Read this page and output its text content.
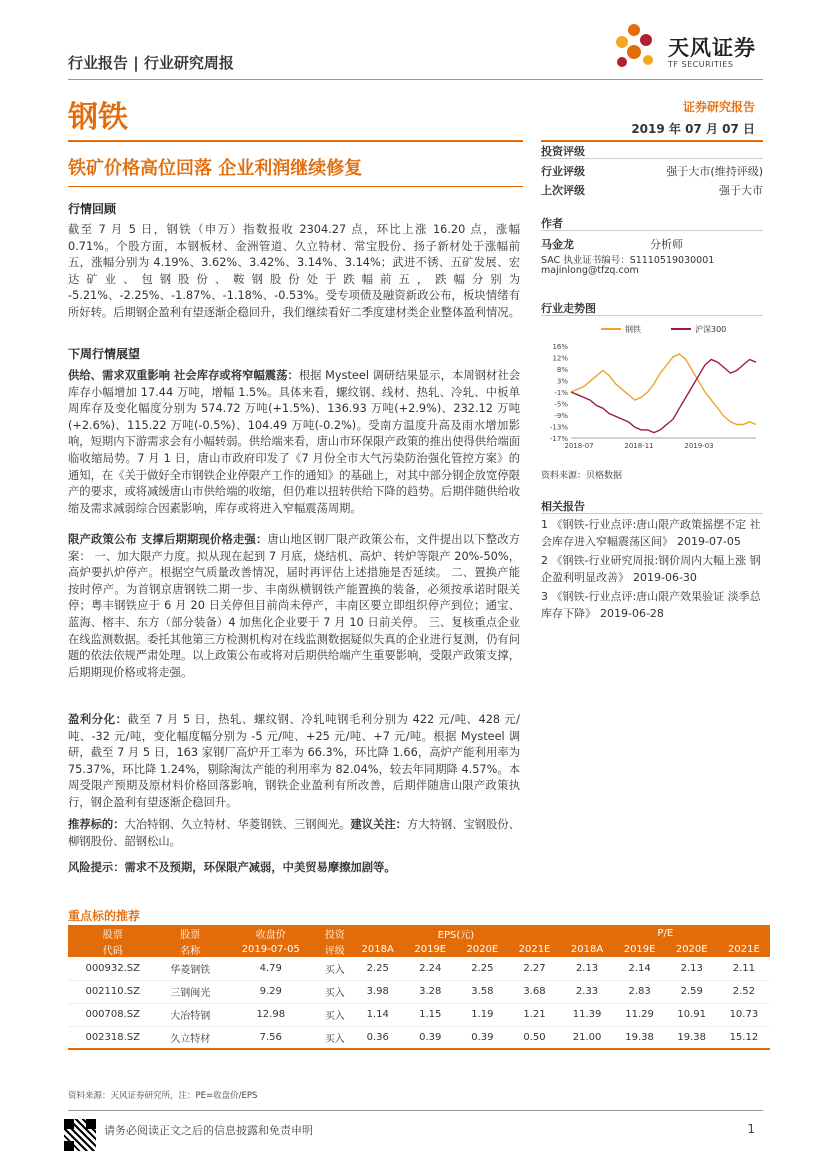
行业报告 | 行业研究周报
天风证券
TF SECURITIES
钢铁	证券研究报告
2019 年 07 月 07 日
铁矿价格高位回落 企业利润继续修复
行情回顾
截至 7 月 5 日，钢铁（申万）指数报收 2304.27 点，环比上涨 16.20 点，涨幅 0.71%。个股方面，本钢板材、金洲管道、久立特材、常宝股份、扬子新材处于涨幅前五，涨幅分别为 4.19%、3.62%、3.42%、3.14%、3.14%；武进不锈、五矿发展、宏达矿业、包钢股份、鞍钢股份处于跌幅前五，跌幅分别为 -5.21%、-2.25%、-1.87%、-1.18%、-0.53%。受专项债及融资新政公布，板块情绪有所好转。后期钢企盈利有望逐渐企稳回升，我们继续看好二季度建材类企业整体盈利情况。
下周行情展望
供给、需求双重影响 社会库存或将窄幅震荡：根据 Mysteel 调研结果显示，本周钢材社会库存小幅增加 17.44 万吨，增幅 1.5%。具体来看，螺纹钢、线材、热轧、冷轧、中板单周库存及变化幅度分别为 574.72 万吨(+1.5%)、136.93 万吨(+2.9%)、232.12 万吨(+2.6%)、115.22 万吨(-0.5%)、104.49 万吨(-0.2%)。受南方温度升高及雨水增加影响，短期内下游需求会有小幅转弱。供给端来看，唐山市环保限产政策的推出使得供给端面临收缩局势。7 月 1 日，唐山市政府印发了《7 月份全市大气污染防治强化管控方案》的通知，在《关于做好全市钢铁企业停限产工作的通知》的基础上，对其中部分钢企放宽停限产的要求，或将减缓唐山市供给端的收缩，但仍难以扭转供给下降的趋势。后期伴随供给收缩及需求减弱综合因素影响，库存或将进入窄幅震荡周期。
限产政策公布 支撑后期期现价格走强：唐山地区钢厂限产政策公布，文件提出以下整改方案： 一、加大限产力度。拟从现在起到 7 月底，烧结机、高炉、转炉等限产 20%-50%，高炉要扒炉停产。根据空气质量改善情况，届时再评估上述措施是否延续。 二、置换产能按时停产。为首钢京唐钢铁二期一步、丰南纵横钢铁产能置换的装备，必须按承诺时限关停；粤丰钢铁应于 6 月 20 日关停但目前尚未停产，丰南区要立即组织停产到位；通宝、蓝海、榕丰、东方（部分装备）4 加焦化企业要于 7 月 10 日前关停。 三、复核重点企业在线监测数据。委托其他第三方检测机构对在线监测数据疑似失真的企业进行复测，仍有问题的依法依规严肃处理。以上政策公布或将对后期供给端产生重要影响，受限产政策支撑，后期期现价格或将走强。
盈利分化：截至 7 月 5 日，热轧、螺纹钢、冷轧吨钢毛利分别为 422 元/吨、428 元/吨、-32 元/吨，变化幅度幅分别为 -5 元/吨、+25 元/吨、+7 元/吨。根据 Mysteel 调研，截至 7 月 5 日，163 家钢厂高炉开工率为 66.3%，环比降 1.66，高炉产能利用率为 75.37%，环比降 1.24%，剔除淘汰产能的利用率为 82.04%，较去年同期降 4.57%。本周受限产预期及原材料价格回落影响，钢铁企业盈利有所改善，后期伴随唐山限产政策执行，钢企盈利有望逐渐企稳回升。
推荐标的：大冶特钢、久立特材、华菱钢铁、三钢闽光。建议关注：方大特钢、宝钢股份、柳钢股份、韶钢松山。
风险提示：需求不及预期，环保限产减弱，中美贸易摩擦加剧等。
投资评级
行业评级	强于大市(维持评级)
上次评级	强于大市
作者
马金龙	分析师
SAC 执业证书编号：S1110519030001
majinlong@tfzq.com
行业走势图
16%
12%
8%
3%
-1%
-5%
-9%
-13%
-17%
2018-07	2018-11	2019-03
钢铁	沪深300
资料来源：贝格数据
相关报告
1 《钢铁-行业点评:唐山限产政策摇摆不定 社会库存进入窄幅震荡区间》 2019-07-05
2 《钢铁-行业研究周报:钢价周内大幅上涨 钢企盈利明显改善》 2019-06-30
3 《钢铁-行业点评:唐山限产效果验证 淡季总库存下降》 2019-06-28
重点标的推荐
股票	股票	收盘价	投资	EPS(元)				P/E			
代码	名称	2019-07-05	评级	2018A	2019E	2020E	2021E	2018A	2019E	2020E	2021E
000932.SZ	华菱钢铁	4.79	买入	2.25	2.24	2.25	2.27	2.13	2.14	2.13	2.11
002110.SZ	三钢闽光	9.29	买入	3.98	3.28	3.58	3.68	2.33	2.83	2.59	2.52
000708.SZ	大冶特钢	12.98	买入	1.14	1.15	1.19	1.21	11.39	11.29	10.91	10.73
002318.SZ	久立特材	7.56	买入	0.36	0.39	0.39	0.50	21.00	19.38	19.38	15.12
资料来源：天风证券研究所，注：PE=收盘价/EPS
请务必阅读正文之后的信息披露和免责申明	1
